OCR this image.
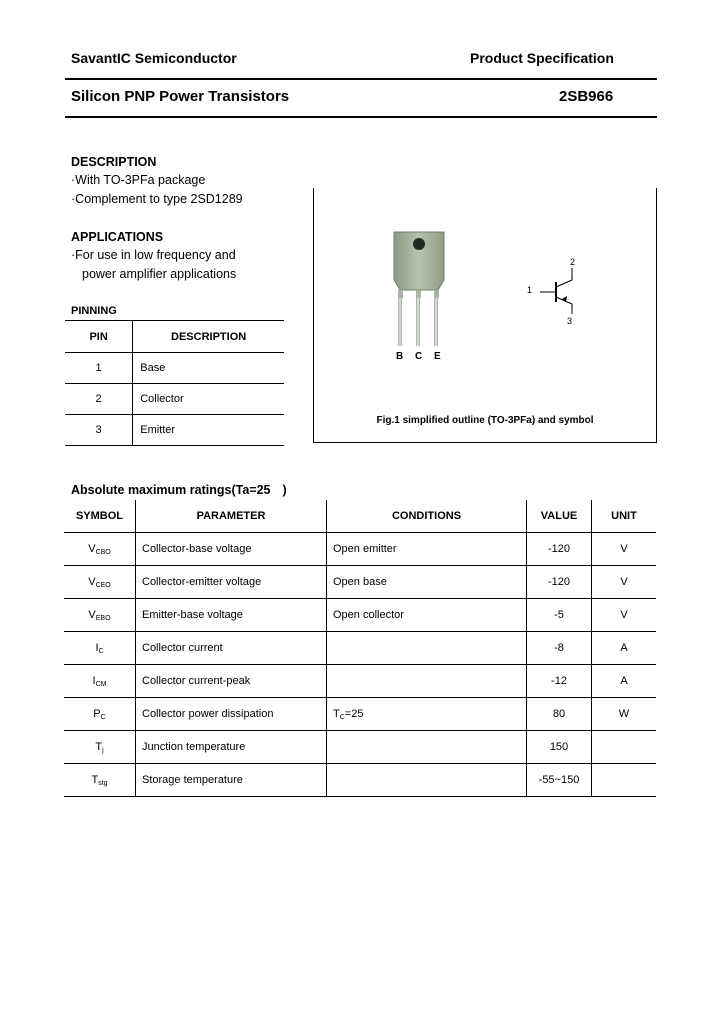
SavantIC Semiconductor	Product Specification
Silicon PNP Power Transistors	2SB966
DESCRIPTION
·With TO-3PFa package
·Complement to type 2SD1289
APPLICATIONS
·For use in low frequency and
power amplifier applications
PINNING
PIN	DESCRIPTION
1	Base
2	Collector
3	Emitter
B C E
1
2
3
Fig.1 simplified outline (TO-3PFa) and symbol
Absolute maximum ratings(Ta=25 )
SYMBOL	PARAMETER	CONDITIONS	VALUE	UNIT
$V_{CBO}$	Collector-base voltage	Open emitter	-120	V
$V_{CEO}$	Collector-emitter voltage	Open base	-120	V
$V_{EBO}$	Emitter-base voltage	Open collector	-5	V
$I_C$	Collector current		-8	A
$I_{CM}$	Collector current-peak		-12	A
$P_C$	Collector power dissipation	$T_C=25$	80	W
$T_j$	Junction temperature		150	
$T_{stg}$	Storage temperature		-55~150	
